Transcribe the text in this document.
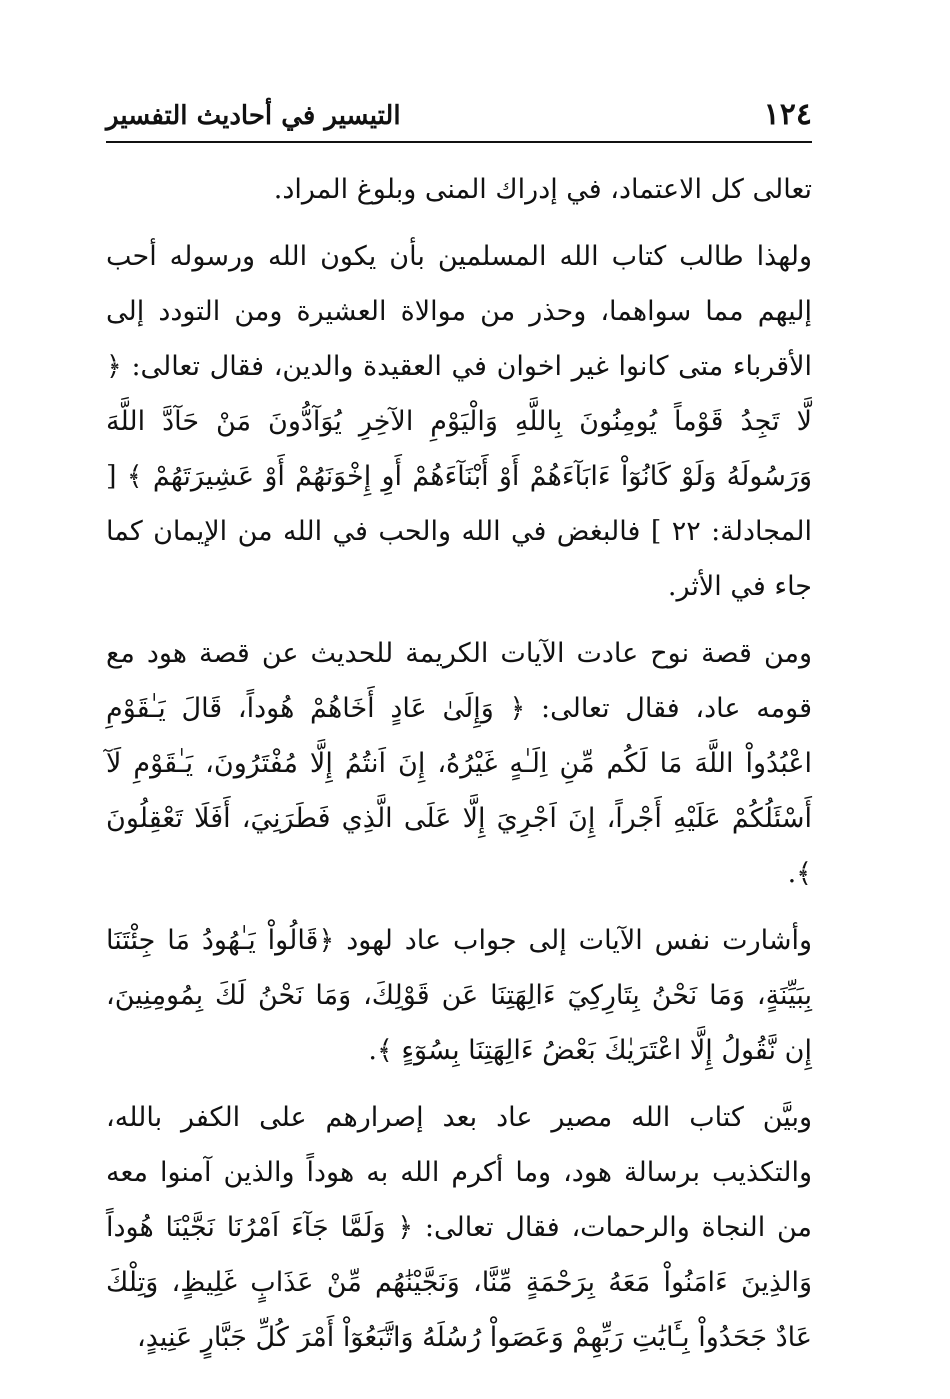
١٢٤
التيسير في أحاديث التفسير

تعالى كل الاعتماد، في إدراك المنى وبلوغ المراد.

ولهذا طالب كتاب الله المسلمين بأن يكون الله ورسوله أحب إليهم مما سواهما، وحذر من موالاة العشيرة ومن التودد إلى الأقرباء متى كانوا غير اخوان في العقيدة والدين، فقال تعالى: ﴿ لَّا تَجِدُ قَوْماً يُومِنُونَ بِاللَّهِ وَالْيَوْمِ الآخِرِ يُوَآدُّونَ مَنْ حَآدَّ اللَّهَ وَرَسُولَهُ وَلَوْ كَانُوٓاْ ءَابَآءَهُمْ أَوْ أَبْنَآءَهُمْ أَوِ إِخْوَنَهُمْ أَوْ عَشِيرَتَهُمْ ﴾ [ المجادلة: ٢٢ ] فالبغض في الله والحب في الله من الإيمان كما جاء في الأثر.

ومن قصة نوح عادت الآيات الكريمة للحديث عن قصة هود مع قومه عاد، فقال تعالى: ﴿ وَإِلَىٰ عَادٍ أَخَاهُمْ هُوداً، قَالَ يَـٰقَوْمِ اعْبُدُواْ اللَّهَ مَا لَكُم مِّنِ اِلَـٰهٍ غَيْرُهُ، إِنَ اَنتُمُ إِلَّا مُفْتَرُونَ، يَـٰقَوْمِ لَآ أَسْئَلُكُمْ عَلَيْهِ أَجْراً، إِنَ اَجْرِيَ إِلَّا عَلَى الَّذِي فَطَرَنِيَ، أَفَلَا تَعْقِلُونَ ﴾.

وأشارت نفس الآيات إلى جواب عاد لهود ﴿قَالُواْ يَـٰهُودُ مَا جِئْتَنَا بِبَيِّنَةٍ، وَمَا نَحْنُ بِتَارِكِيٓ ءَالِهَتِنَا عَن قَوْلِكَ، وَمَا نَحْنُ لَكَ بِمُومِنِينَ، إِن نَّقُولُ إِلَّا اعْتَرَيٰكَ بَعْضُ ءَالِهَتِنَا بِسُوٓءٍ ﴾.

وبيَّن كتاب الله مصير عاد بعد إصرارهم على الكفر بالله، والتكذيب برسالة هود، وما أكرم الله به هوداً والذين آمنوا معه من النجاة والرحمات، فقال تعالى: ﴿ وَلَمَّا جَآءَ اَمْرُنَا نَجَّيْنَا هُوداً وَالذِينَ ءَامَنُواْ مَعَهُ بِرَحْمَةٍ مِّنَّا، وَنَجَّيْنَٰهُم مِّنْ عَذَابٍ غَلِيظٍ، وَتِلْكَ عَادٌ جَحَدُواْ بِـَٔايَٰتِ رَبِّهِمْ وَعَصَواْ رُسُلَهُ وَاتَّبَعُوٓاْ أَمْرَ كُلِّ جَبَّارٍ عَنِيدٍ،
